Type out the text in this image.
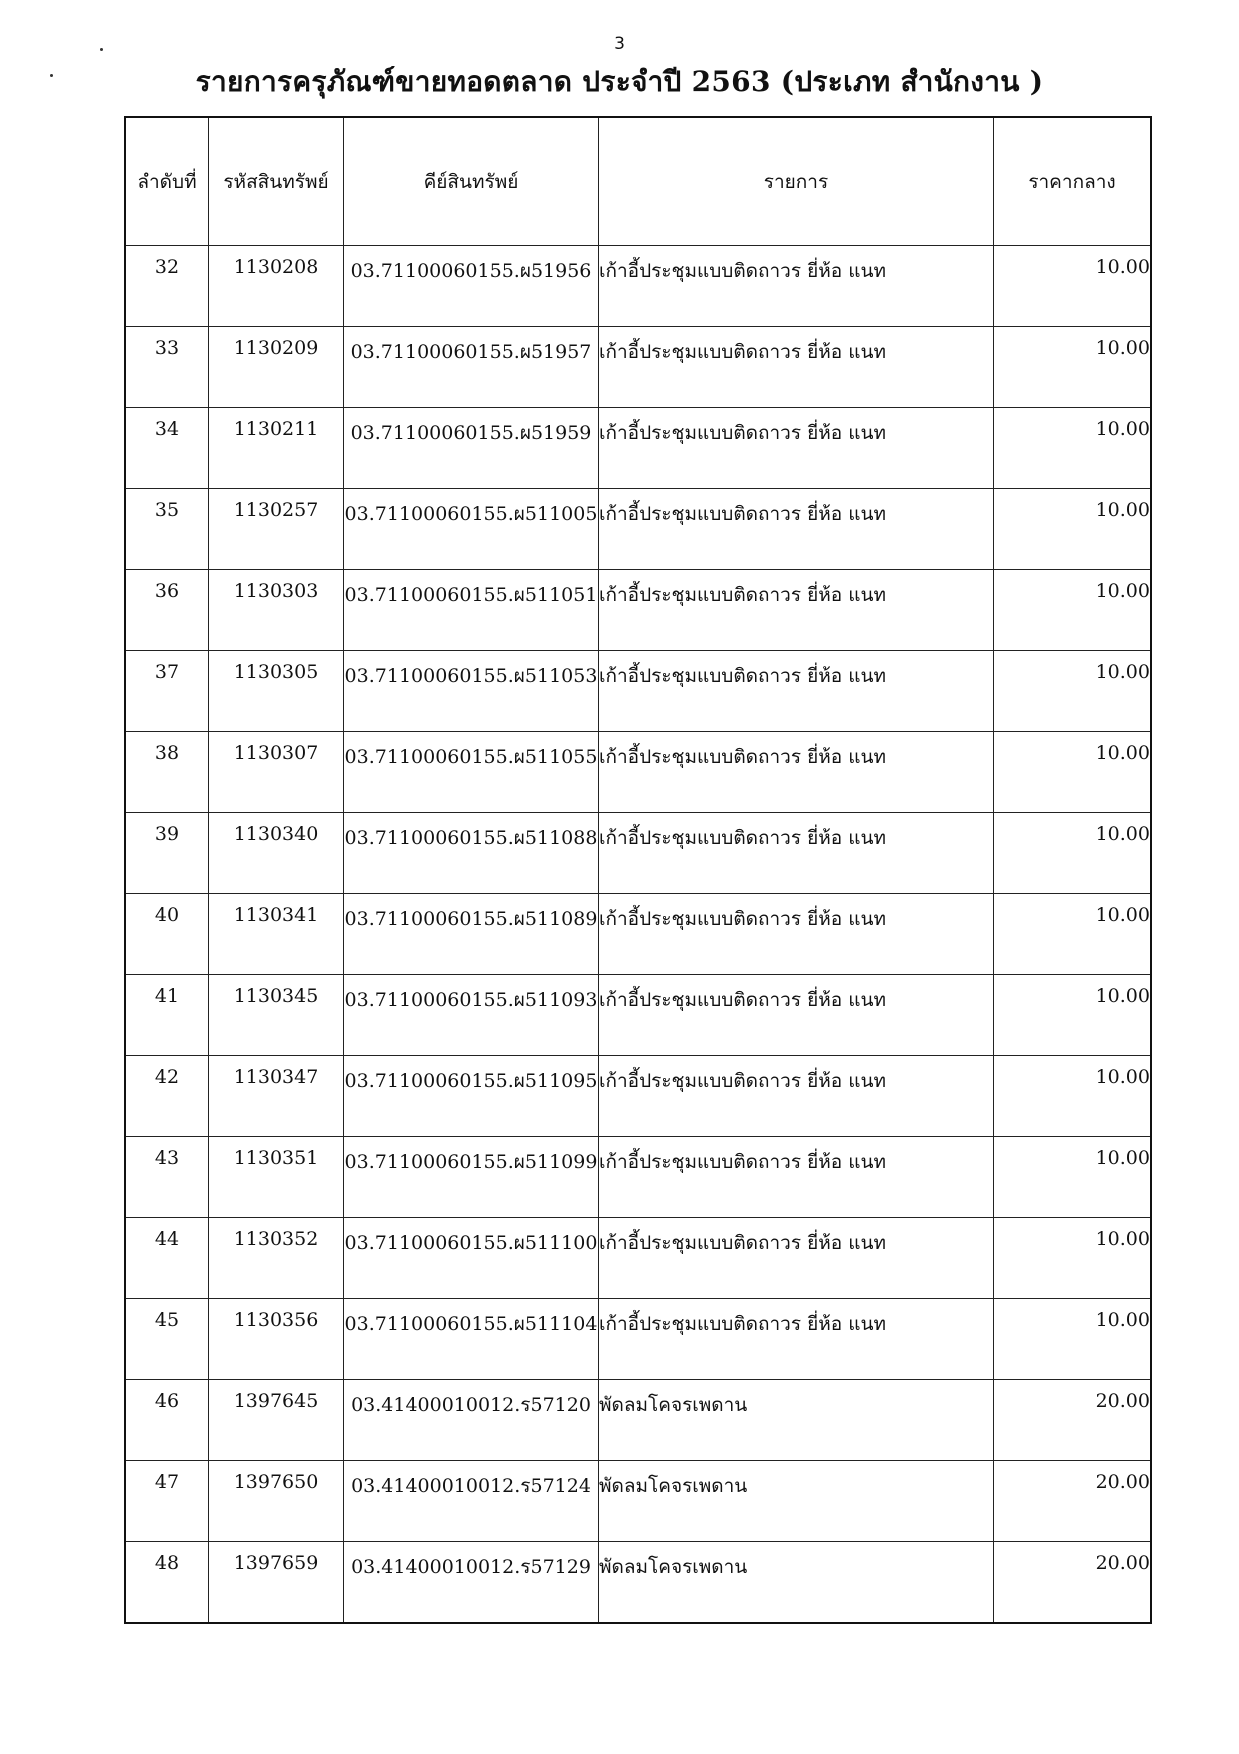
3
รายการครุภัณฑ์ขายทอดตลาด ประจำปี 2563 (ประเภท สำนักงาน )
ลำดับที่	รหัสสินทรัพย์	คีย์สินทรัพย์	รายการ	ราคากลาง
32	1130208	03.71100060155.ผ51956	เก้าอี้ประชุมแบบติดถาวร ยี่ห้อ แนท	10.00
33	1130209	03.71100060155.ผ51957	เก้าอี้ประชุมแบบติดถาวร ยี่ห้อ แนท	10.00
34	1130211	03.71100060155.ผ51959	เก้าอี้ประชุมแบบติดถาวร ยี่ห้อ แนท	10.00
35	1130257	03.71100060155.ผ511005	เก้าอี้ประชุมแบบติดถาวร ยี่ห้อ แนท	10.00
36	1130303	03.71100060155.ผ511051	เก้าอี้ประชุมแบบติดถาวร ยี่ห้อ แนท	10.00
37	1130305	03.71100060155.ผ511053	เก้าอี้ประชุมแบบติดถาวร ยี่ห้อ แนท	10.00
38	1130307	03.71100060155.ผ511055	เก้าอี้ประชุมแบบติดถาวร ยี่ห้อ แนท	10.00
39	1130340	03.71100060155.ผ511088	เก้าอี้ประชุมแบบติดถาวร ยี่ห้อ แนท	10.00
40	1130341	03.71100060155.ผ511089	เก้าอี้ประชุมแบบติดถาวร ยี่ห้อ แนท	10.00
41	1130345	03.71100060155.ผ511093	เก้าอี้ประชุมแบบติดถาวร ยี่ห้อ แนท	10.00
42	1130347	03.71100060155.ผ511095	เก้าอี้ประชุมแบบติดถาวร ยี่ห้อ แนท	10.00
43	1130351	03.71100060155.ผ511099	เก้าอี้ประชุมแบบติดถาวร ยี่ห้อ แนท	10.00
44	1130352	03.71100060155.ผ511100	เก้าอี้ประชุมแบบติดถาวร ยี่ห้อ แนท	10.00
45	1130356	03.71100060155.ผ511104	เก้าอี้ประชุมแบบติดถาวร ยี่ห้อ แนท	10.00
46	1397645	03.41400010012.ร57120	พัดลมโคจรเพดาน	20.00
47	1397650	03.41400010012.ร57124	พัดลมโคจรเพดาน	20.00
48	1397659	03.41400010012.ร57129	พัดลมโคจรเพดาน	20.00
